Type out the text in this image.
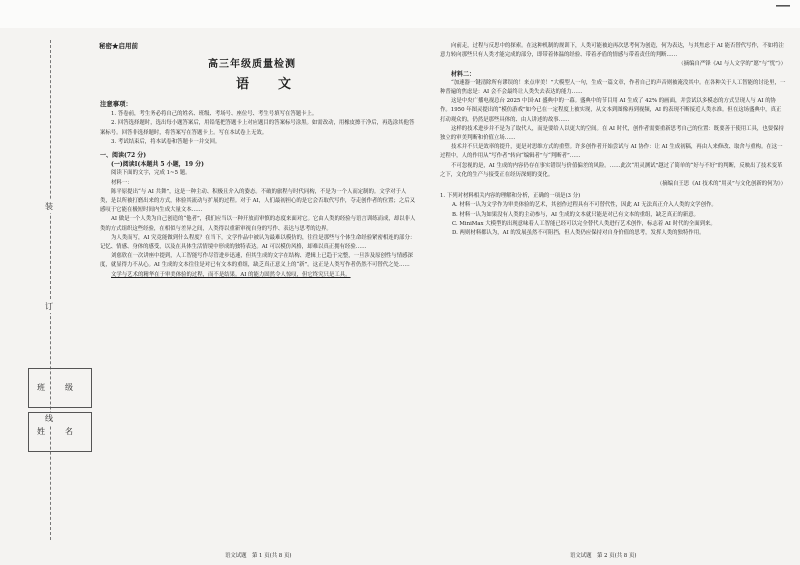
装
订
线
班　级
姓　名
秘密★启用前
高三年级质量检测
语　文

注意事项：

1. 答卷前，考生务必将自己的姓名、班级、考场号、座位号、考生号填写在答题卡上。

2. 回答选择题时，选出每小题答案后，用铅笔把答题卡上对应题目的答案标号涂黑。如需改动，用橡皮擦干净后，再选涂其他答案标号。回答非选择题时，将答案写在答题卡上。写在本试卷上无效。

3. 考试结束后，将本试卷和答题卡一并交回。

一、阅读(72 分)

(一)阅读Ⅰ(本题共 5 小题，19 分)

阅读下面的文字，完成 1~5 题。

材料一：

陈平原提出“与 AI 共舞”，这是一种主动、积极且介入的姿态。不破的旅程与时代同构，不是为一个人而定制的。文学对于人类，是以所被打磨出来的方式，体验其流动与扩展的过程。对于 AI，人们最初担心的是它会否取代写作，夺走创作者的位置；之后又感叹于它能在极短时间内生成大量文本……

AI 做是一个人类为自己创造的“他者”，我们应当以一种开放而审慎的态度来面对它。它由人类的经验与语言训练而成，却以非人类的方式组织这些经验，在相似与差异之间，人类得以重新审视自身的写作、表达与思考的边界。

为人类而写，AI 究竟能做到什么程度？在当下，文学作品中被认为最难以模仿的，往往是那些与个体生命经验紧密相连的部分：记忆、情感、身体的感受，以及在具体生活情境中形成的独特表达。AI 可以模仿风格，却难以真正拥有经验……

刘慈欣在一次讲座中提到，人工智能写作尽管进步迅速，但其生成的文字在结构、逻辑上已趋于完整，一旦涉及原创性与情感深度，就显得力不从心。AI 生成的文本往往是对已有文本的重组，缺乏真正意义上的“新”。这正是人类写作者仍然不可替代之处……

文学与艺术的精华在于审美体验的过程，而不是结果。AI 的能力固然令人惊叹，但它终究只是工具。

语文试题　第 1 页(共 8 页)

向前走，过程与反思中的探索。在这种机制的规训下，人类可能被迫再次思考何为创造，何为表达，与其焦虑于 AI 能否替代写作，不如将注意力转向那些只有人类才能完成的部分，即带着体温的经验、带着矛盾的情感与带着责任的判断……

（摘编自严锋《AI 与人文学的“愿”与“忧”》）

材料二：

“加速器一键清除所有谬误的！来点审美！”大模型人一句，生成一篇文章，作者自己的声音则被淹没其中。在各种关于人工智能的讨论里，一种普遍的焦虑是：AI 会不会最终让人类失去表达的能力……

这是中央广播电视总台 2025 中国·AI 盛典中的一幕。盛典中的节目用 AI 生成了 42% 的画面，并尝试以多模态的方式呈现人与 AI 的协作。1950 年图灵提出的“模仿游戏”如今已在一定程度上被实现，从文本到图像再到视频，AI 的表现不断接近人类水准。但在这场盛典中，真正打动观众的，仍然是那些具体的、由人讲述的故事……

这样的技术进步并不是为了取代人，而是要给人以更大的空间。在 AI 时代，创作者需要重新思考自己的位置：既要善于使用工具，也要保持独立的审美判断和价值立场……

技术并不只是效率的提升，更是对思维方式的重塑。许多创作者开始尝试与 AI 协作：让 AI 生成初稿，再由人来修改、取舍与重构。在这一过程中，人的作用从“写作者”转向“编辑者”与“判断者”……

不可忽视的是，AI 生成的内容仍存在事实错误与价值偏差的风险。……此次“用灵测试”越过了简单的“好与不好”的判断，反映出了技术变革之下，文化的生产与接受正在经历深刻的变化。

（摘编自王思《AI 技术的“用灵”与文化创新的何为》）

1. 下列对材料相关内容的理解和分析，正确的一项是(3 分)

A. 材料一认为文学作为审美体验的艺术，其创作过程具有不可替代性，因此 AI 无法真正介入人类的文学创作。

B. 材料一认为如果没有人类的主动参与，AI 生成的文本就只能是对已有文本的重组，缺乏真正的新意。

C. MiniMax 大模型的出现意味着人工智能已经可以完全替代人类进行艺术创作，标志着 AI 时代的全面到来。

D. 两则材料都认为，AI 的发展虽然不可阻挡，但人类仍应保持对自身价值的思考，发挥人类的独特作用。

语文试题　第 2 页(共 8 页)
